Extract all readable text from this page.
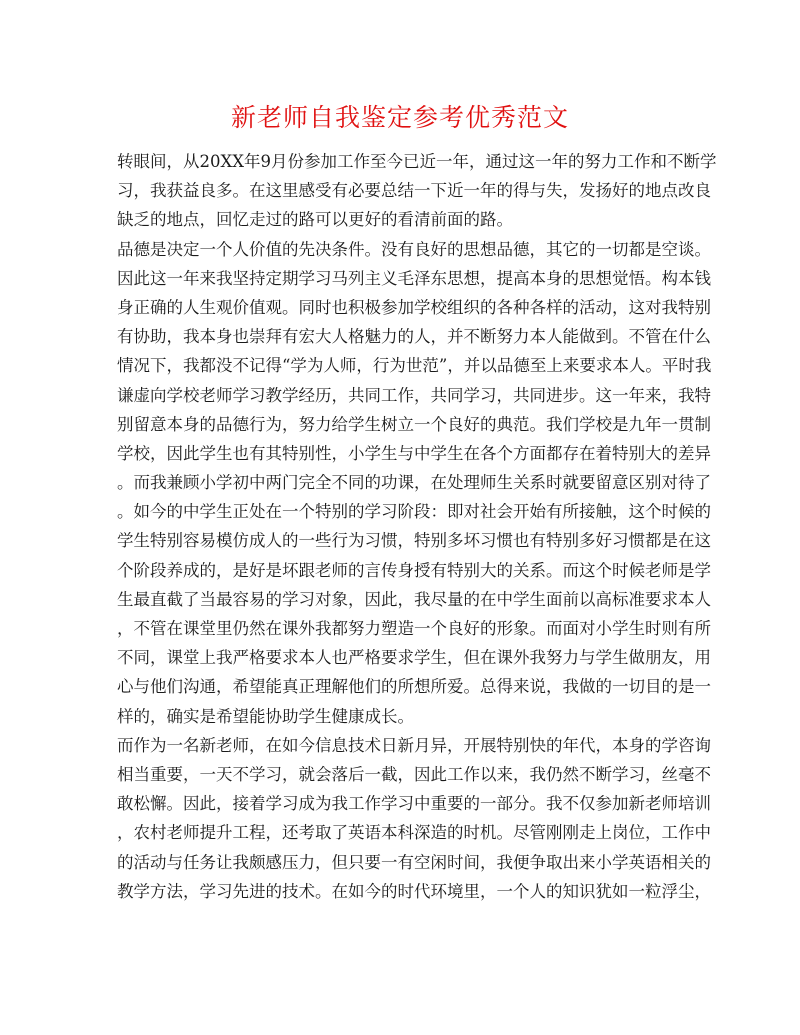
新老师自我鉴定参考优秀范文
转眼间，从20XX年9月份参加工作至今已近一年，通过这一年的努力工作和不断学
习，我获益良多。在这里感受有必要总结一下近一年的得与失，发扬好的地点改良
缺乏的地点，回忆走过的路可以更好的看清前面的路。
品德是决定一个人价值的先决条件。没有良好的思想品德，其它的一切都是空谈。
因此这一年来我坚持定期学习马列主义毛泽东思想，提高本身的思想觉悟。构本钱
身正确的人生观价值观。同时也积极参加学校组织的各种各样的活动，这对我特别
有协助，我本身也崇拜有宏大人格魅力的人，并不断努力本人能做到。不管在什么
情况下，我都没不记得“学为人师，行为世范”，并以品德至上来要求本人。平时我
谦虚向学校老师学习教学经历，共同工作，共同学习，共同进步。这一年来，我特
别留意本身的品德行为，努力给学生树立一个良好的典范。我们学校是九年一贯制
学校，因此学生也有其特别性，小学生与中学生在各个方面都存在着特别大的差异
。而我兼顾小学初中两门完全不同的功课，在处理师生关系时就要留意区别对待了
。如今的中学生正处在一个特别的学习阶段：即对社会开始有所接触，这个时候的
学生特别容易模仿成人的一些行为习惯，特别多坏习惯也有特别多好习惯都是在这
个阶段养成的，是好是坏跟老师的言传身授有特别大的关系。而这个时候老师是学
生最直截了当最容易的学习对象，因此，我尽量的在中学生面前以高标准要求本人
，不管在课堂里仍然在课外我都努力塑造一个良好的形象。而面对小学生时则有所
不同，课堂上我严格要求本人也严格要求学生，但在课外我努力与学生做朋友，用
心与他们沟通，希望能真正理解他们的所想所爱。总得来说，我做的一切目的是一
样的，确实是希望能协助学生健康成长。
而作为一名新老师，在如今信息技术日新月异，开展特别快的年代，本身的学咨询
相当重要，一天不学习，就会落后一截，因此工作以来，我仍然不断学习，丝毫不
敢松懈。因此，接着学习成为我工作学习中重要的一部分。我不仅参加新老师培训
，农村老师提升工程，还考取了英语本科深造的时机。尽管刚刚走上岗位，工作中
的活动与任务让我颇感压力，但只要一有空闲时间，我便争取出来小学英语相关的
教学方法，学习先进的技术。在如今的时代环境里，一个人的知识犹如一粒浮尘，
